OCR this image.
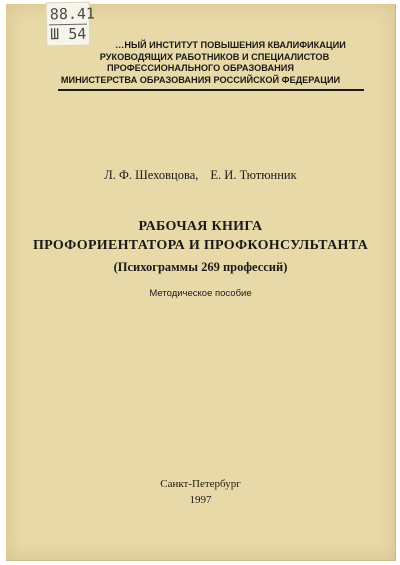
…НЫЙ ИНСТИТУТ ПОВЫШЕНИЯ КВАЛИФИКАЦИИ
РУКОВОДЯЩИХ РАБОТНИКОВ И СПЕЦИАЛИСТОВ
ПРОФЕССИОНАЛЬНОГО ОБРАЗОВАНИЯ
МИНИСТЕРСТВА ОБРАЗОВАНИЯ РОССИЙСКОЙ ФЕДЕРАЦИИ
Л. Ф. Шеховцова, Е. И. Тютюнник
РАБОЧАЯ КНИГА
ПРОФОРИЕНТАТОРА И ПРОФКОНСУЛЬТАНТА
(Психограммы 269 профессий)
Методическое пособие
Санкт-Петербург
1997
88.41
Ш 54
